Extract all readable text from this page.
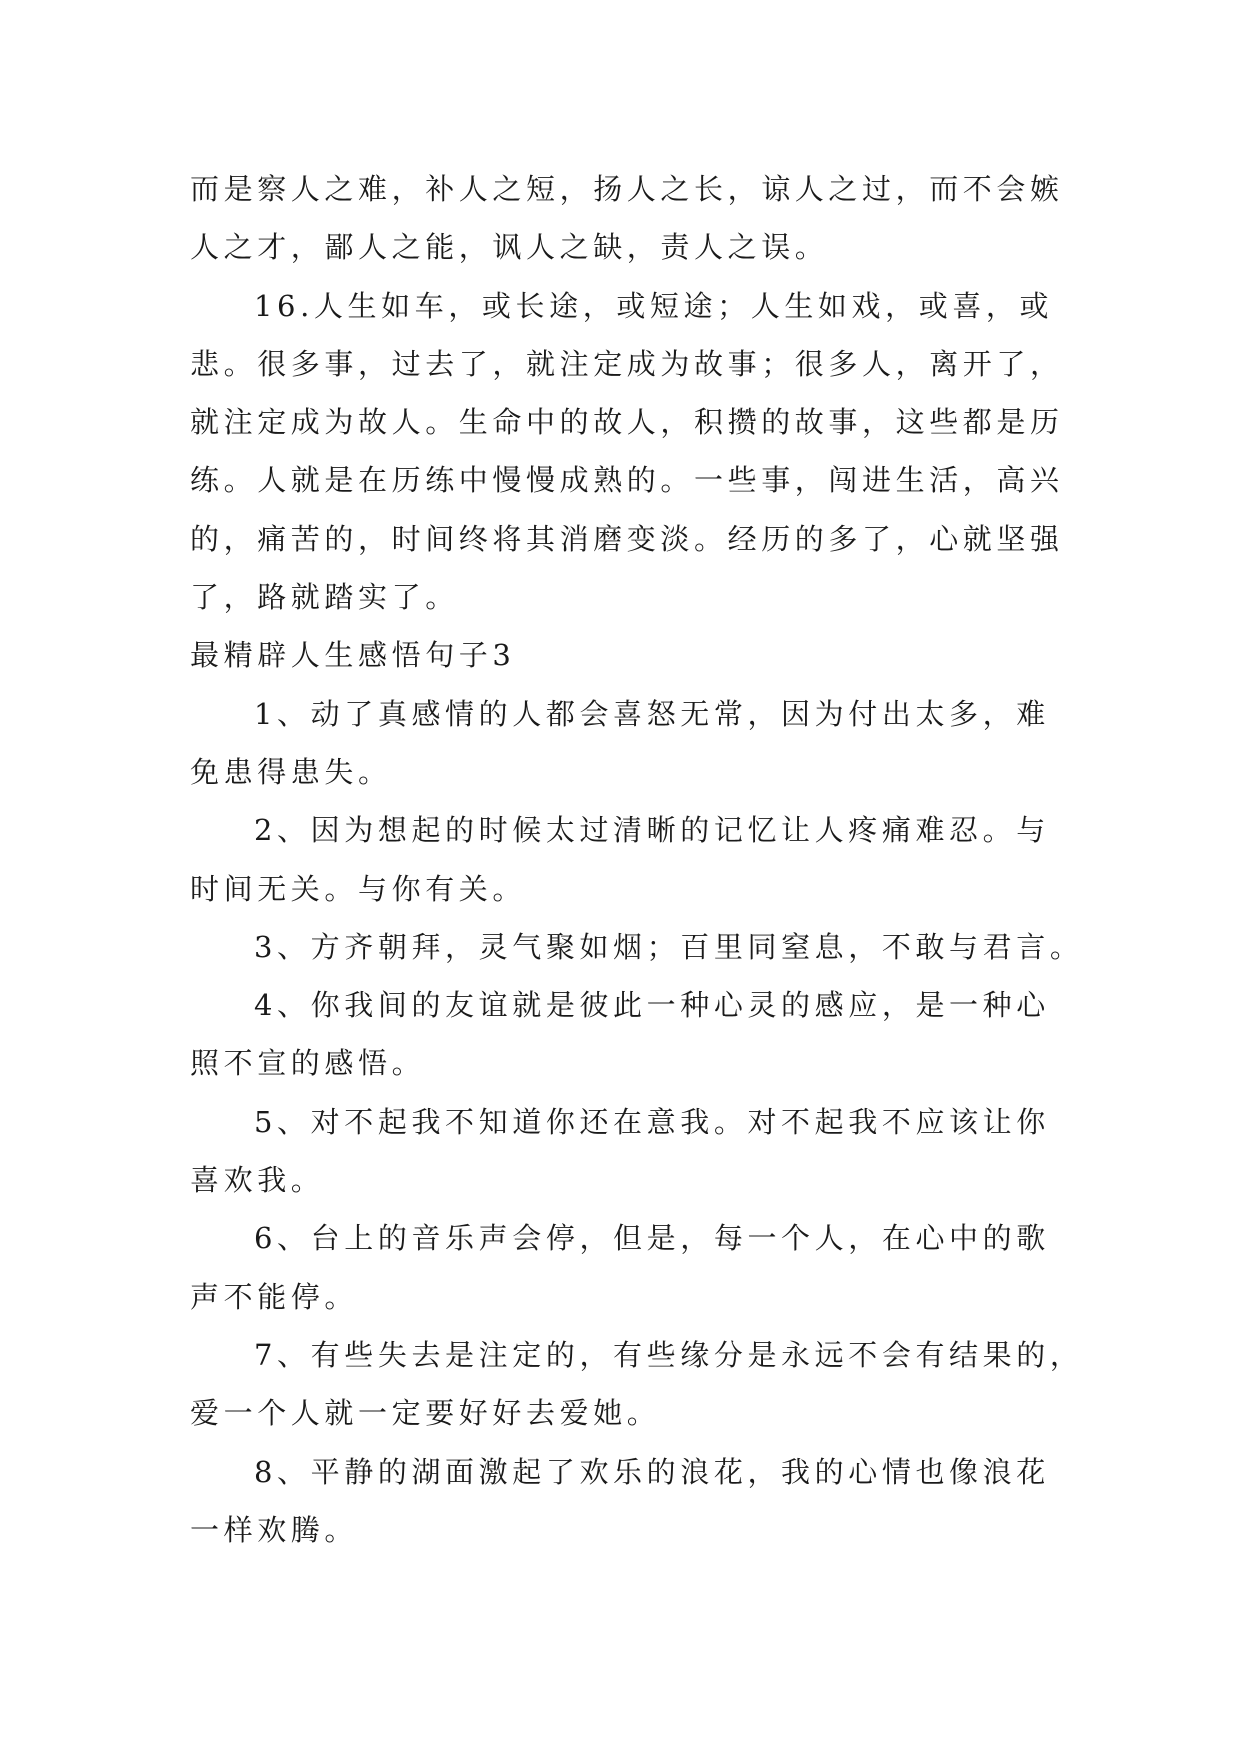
而是察人之难，补人之短，扬人之长，谅人之过，而不会嫉
人之才，鄙人之能，讽人之缺，责人之误。
16.人生如车，或长途，或短途；人生如戏，或喜，或
悲。很多事，过去了，就注定成为故事；很多人，离开了，
就注定成为故人。生命中的故人，积攒的故事，这些都是历
练。人就是在历练中慢慢成熟的。一些事，闯进生活，高兴
的，痛苦的，时间终将其消磨变淡。经历的多了，心就坚强
了，路就踏实了。
最精辟人生感悟句子3
1、动了真感情的人都会喜怒无常，因为付出太多，难
免患得患失。
2、因为想起的时候太过清晰的记忆让人疼痛难忍。与
时间无关。与你有关。
3、方齐朝拜，灵气聚如烟；百里同窒息，不敢与君言。
4、你我间的友谊就是彼此一种心灵的感应，是一种心
照不宣的感悟。
5、对不起我不知道你还在意我。对不起我不应该让你
喜欢我。
6、台上的音乐声会停，但是，每一个人，在心中的歌
声不能停。
7、有些失去是注定的，有些缘分是永远不会有结果的，
爱一个人就一定要好好去爱她。
8、平静的湖面激起了欢乐的浪花，我的心情也像浪花
一样欢腾。
